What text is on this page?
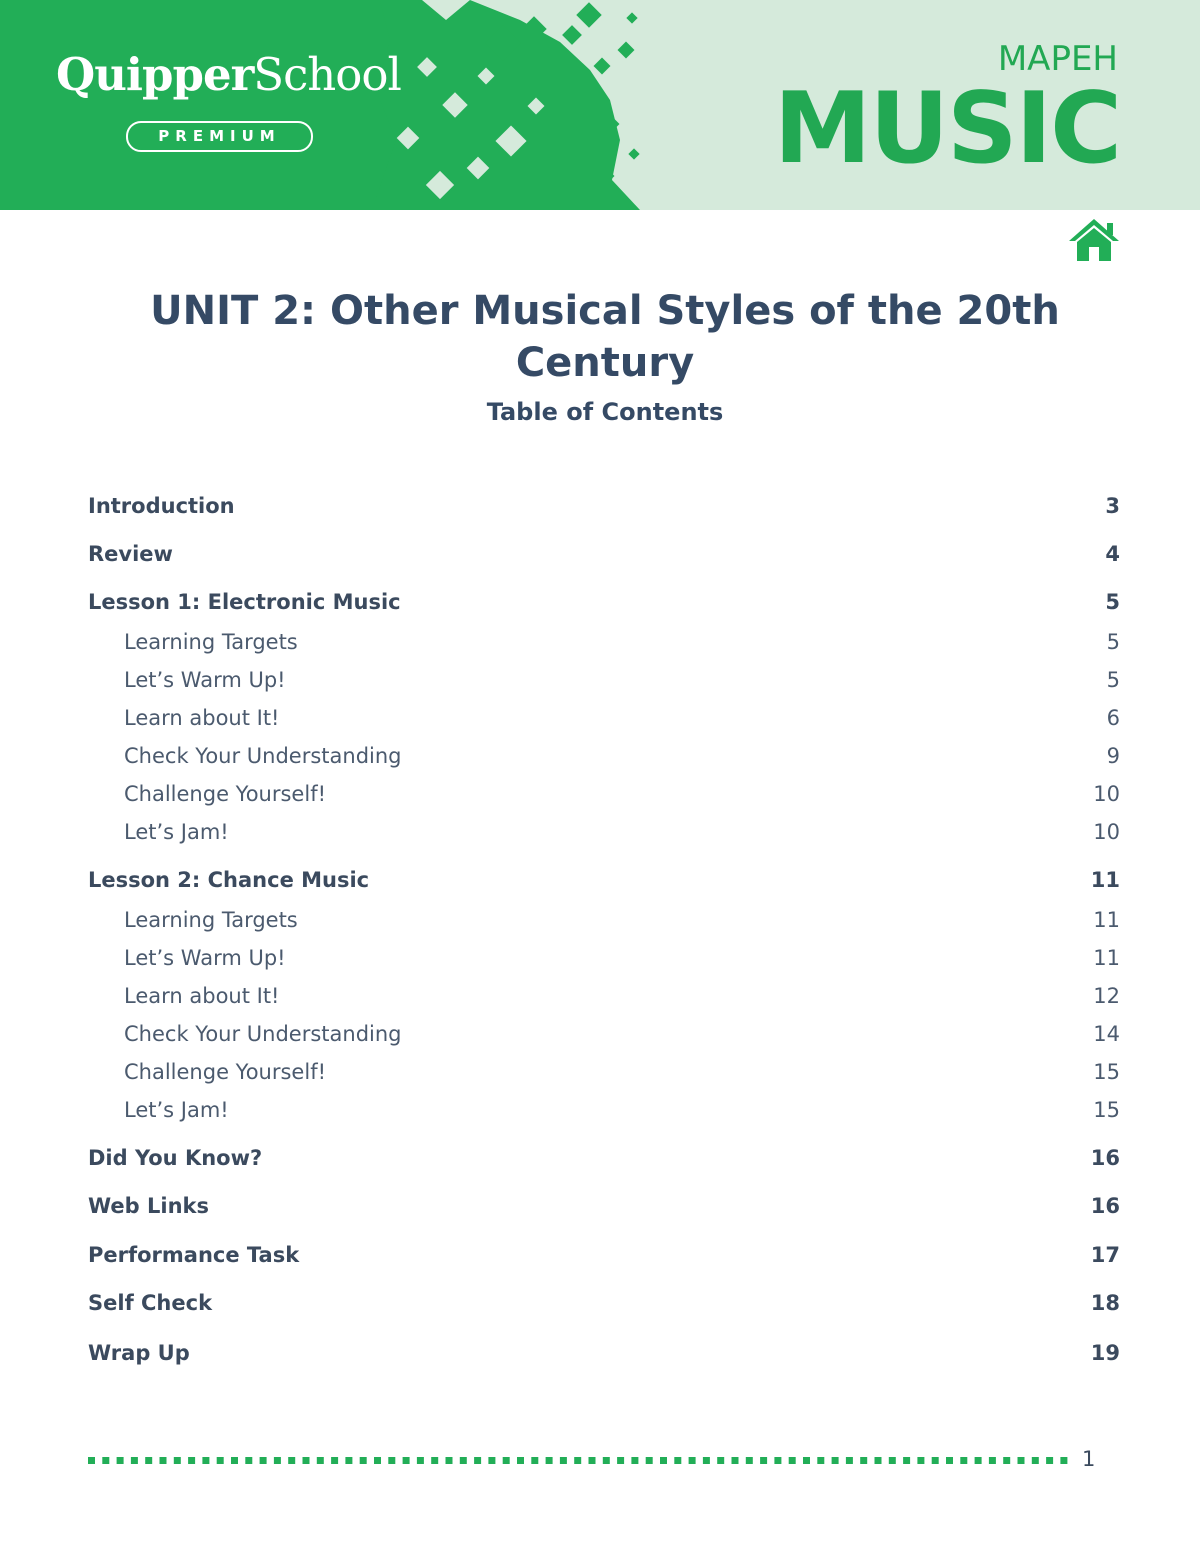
QuipperSchool
PREMIUM
MAPEH
MUSIC
UNIT 2: Other Musical Styles of the 20th
Century
Table of Contents
Introduction	3
Review	4
Lesson 1: Electronic Music	5
Learning Targets	5
Let’s Warm Up!	5
Learn about It!	6
Check Your Understanding	9
Challenge Yourself!	10
Let’s Jam!	10
Lesson 2: Chance Music	11
Learning Targets	11
Let’s Warm Up!	11
Learn about It!	12
Check Your Understanding	14
Challenge Yourself!	15
Let’s Jam!	15
Did You Know?	16
Web Links	16
Performance Task	17
Self Check	18
Wrap Up	19
1
